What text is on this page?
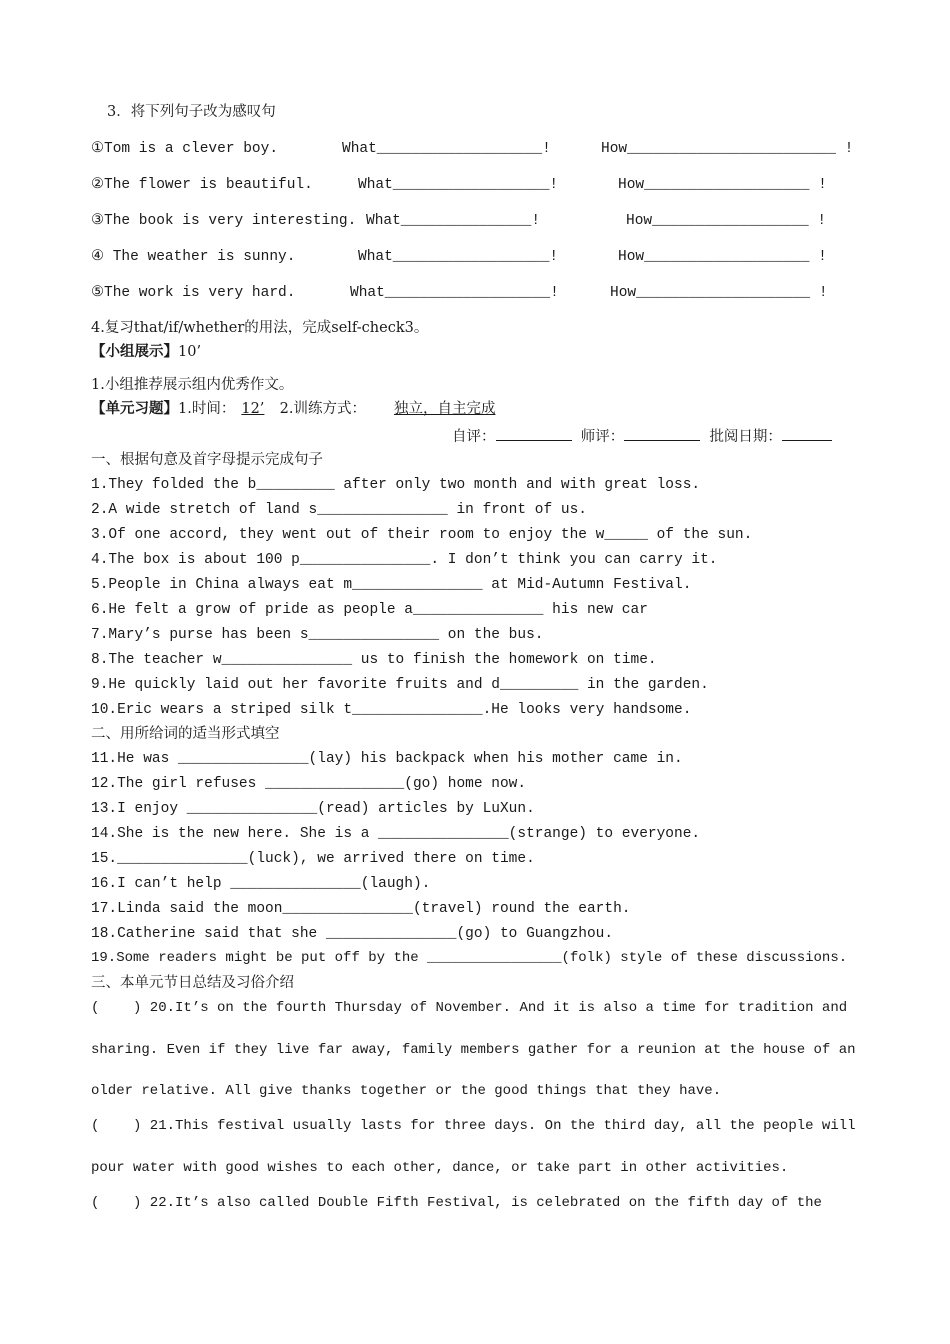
3．将下列句子改为感叹句
①Tom is a clever boy.	What___________________!	How________________________ !
②The flower is beautiful.	What__________________!	How___________________ !
③The book is very interesting. What_______________!	How__________________ !
④ The weather is sunny.	What__________________!	How___________________ !
⑤The work is very hard.	What___________________!	How____________________ !
4.复习that/if/whether的用法，完成self-check3。
【小组展示】10’
1.小组推荐展示组内优秀作文。
【单元习题】1.时间： 12’ 2.训练方式： 独立，自主完成
自评：	师评：	批阅日期：
一、根据句意及首字母提示完成句子
1.They folded the b_________ after only two month and with great loss.
2.A wide stretch of land s_______________ in front of us.
3.Of one accord, they went out of their room to enjoy the w_____ of the sun.
4.The box is about 100 p_______________. I don’t think you can carry it.
5.People in China always eat m_______________ at Mid-Autumn Festival.
6.He felt a grow of pride as people a_______________ his new car
7.Mary’s purse has been s_______________ on the bus.
8.The teacher w_______________ us to finish the homework on time.
9.He quickly laid out her favorite fruits and d_________ in the garden.
10.Eric wears a striped silk t_______________.He looks very handsome.
二、用所给词的适当形式填空
11.He was _______________(lay) his backpack when his mother came in.
12.The girl refuses ________________(go) home now.
13.I enjoy _______________(read) articles by LuXun.
14.She is the new here. She is a _______________(strange) to everyone.
15._______________(luck), we arrived there on time.
16.I can’t help _______________(laugh).
17.Linda said the moon_______________(travel) round the earth.
18.Catherine said that she _______________(go) to Guangzhou.
19.Some readers might be put off by the ________________(folk) style of these discussions.
三、本单元节日总结及习俗介绍
(    ) 20.It’s on the fourth Thursday of November. And it is also a time for tradition and
sharing. Even if they live far away, family members gather for a reunion at the house of an
older relative. All give thanks together or the good things that they have.
(    ) 21.This festival usually lasts for three days. On the third day, all the people will
pour water with good wishes to each other, dance, or take part in other activities.
(    ) 22.It’s also called Double Fifth Festival, is celebrated on the fifth day of the
